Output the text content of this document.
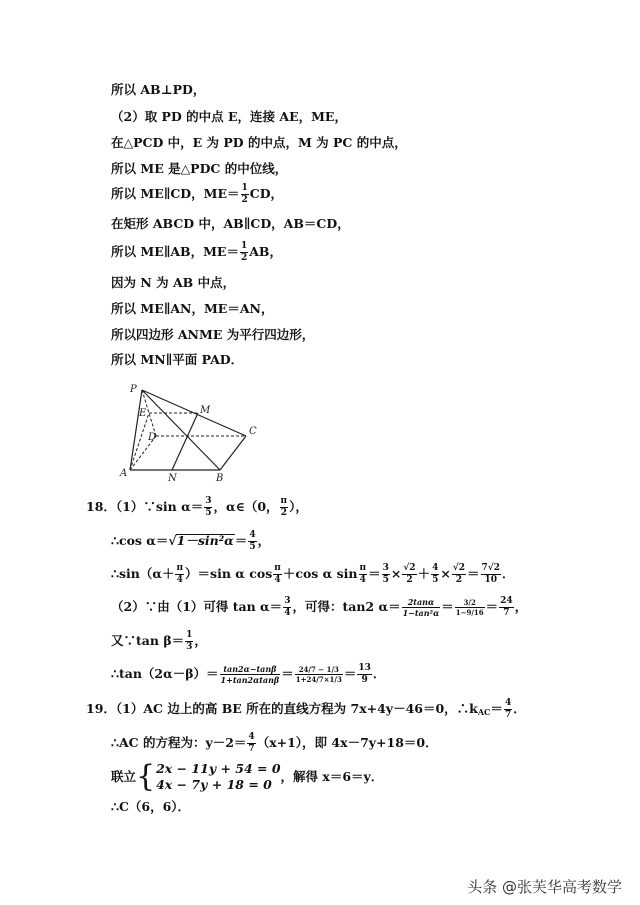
所以 AB⊥PD，
（2）取 PD 的中点 E，连接 AE，ME，
在△PCD 中，E 为 PD 的中点，M 为 PC 的中点，
所以 ME 是△PDC 的中位线，
所以 ME∥CD，$ME= \frac{1}{2}$ CD，
在矩形 ABCD 中，AB∥CD，AB＝CD，
所以 ME∥AB，$ME= \frac{1}{2}$ AB，
因为 N 为 AB 中点，
所以 ME∥AN，ME＝AN，
所以四边形 ANME 为平行四边形，
所以 MN∥平面 PAD．
P
E	M
D
C
A	N	B
18．（1）∵sin $\alpha= \frac{3}{5}$ ，α∈（0， $\frac{\pi}{2}$ ），
∴cos $\alpha=√1-\sin^2\alpha= \frac{4}{5}$ ，
∴sin（α＋ $\frac{\pi}{4} )=\sin$ α $\cos \frac{\pi}{4} +\cos$ α $\sin \frac{\pi}{4} = \frac{3}{5} \times \frac{√2}{2} + \frac{4}{5} \times \frac{√2}{2} = \frac{7√2}{10}$ ．
（2）∵由（1）可得 $\tan \alpha= \frac{3}{4}$ ，可得：tan2 $\alpha= \frac{2\tan\alpha}{\text{1−tan²α}} = \frac{3/2}{1-9/16} = \frac{24}{7}$ ，
又∵tan $\beta= \frac{1}{3}$ ，
∴tan（2α－β）＝ $\frac{\tan 2\alpha-\tan\beta}{1+\tan 2\alpha\tan\beta} = \frac{24/7 - 1/3}{1+24/7\times 1/3} = \frac{13}{9}$ ．
19．（1）AC 边上的高 BE 所在的直线方程为 7x+4y－46＝0，$\therefore k_{AC}= \frac{4}{7}$ ．
∴AC 的方程为：$y-2= \frac{4}{7} (x+1)$，即 4x－7y+18＝0．
联立{ 2x − 11y + 54 = 0
4x − 7y + 18 = 0
，解得 x＝6＝y．
∴C（6，6）．
头条 @张芙华高考数学
